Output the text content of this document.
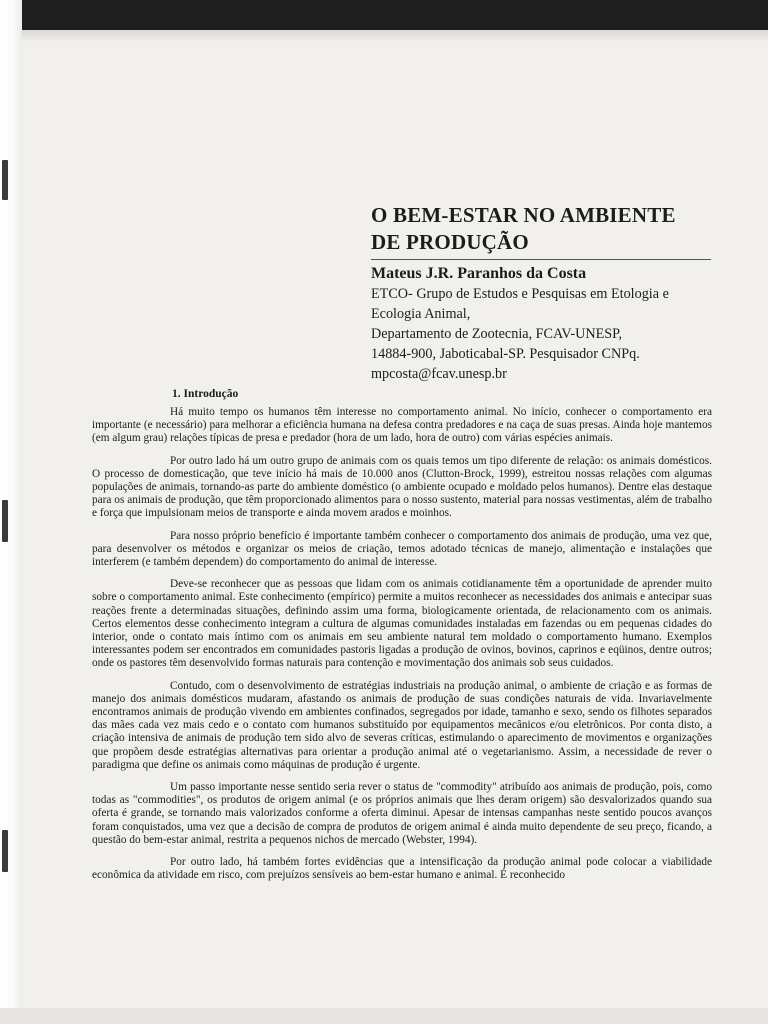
O BEM-ESTAR NO AMBIENTE
DE PRODUÇÃO
Mateus J.R. Paranhos da Costa
ETCO- Grupo de Estudos e Pesquisas em Etologia e
Ecologia Animal,
Departamento de Zootecnia, FCAV-UNESP,
14884-900, Jaboticabal-SP. Pesquisador CNPq.
mpcosta@fcav.unesp.br
1. Introdução

Há muito tempo os humanos têm interesse no comportamento animal. No início, conhecer o comportamento era importante (e necessário) para melhorar a eficiência humana na defesa contra predadores e na caça de suas presas. Ainda hoje mantemos (em algum grau) relações típicas de presa e predador (hora de um lado, hora de outro) com várias espécies animais.

Por outro lado há um outro grupo de animais com os quais temos um tipo diferente de relação: os animais domésticos. O processo de domesticação, que teve início há mais de 10.000 anos (Clutton-Brock, 1999), estreitou nossas relações com algumas populações de animais, tornando-as parte do ambiente doméstico (o ambiente ocupado e moldado pelos humanos). Dentre elas destaque para os animais de produção, que têm proporcionado alimentos para o nosso sustento, material para nossas vestimentas, além de trabalho e força que impulsionam meios de transporte e ainda movem arados e moinhos.

Para nosso próprio benefício é importante também conhecer o comportamento dos animais de produção, uma vez que, para desenvolver os métodos e organizar os meios de criação, temos adotado técnicas de manejo, alimentação e instalações que interferem (e também dependem) do comportamento do animal de interesse.

Deve-se reconhecer que as pessoas que lidam com os animais cotidianamente têm a oportunidade de aprender muito sobre o comportamento animal. Este conhecimento (empírico) permite a muitos reconhecer as necessidades dos animais e antecipar suas reações frente a determinadas situações, definindo assim uma forma, biologicamente orientada, de relacionamento com os animais. Certos elementos desse conhecimento integram a cultura de algumas comunidades instaladas em fazendas ou em pequenas cidades do interior, onde o contato mais íntimo com os animais em seu ambiente natural tem moldado o comportamento humano. Exemplos interessantes podem ser encontrados em comunidades pastoris ligadas a produção de ovinos, bovinos, caprinos e eqüinos, dentre outros; onde os pastores têm desenvolvido formas naturais para contenção e movimentação dos animais sob seus cuidados.

Contudo, com o desenvolvimento de estratégias industriais na produção animal, o ambiente de criação e as formas de manejo dos animais domésticos mudaram, afastando os animais de produção de suas condições naturais de vida. Invariavelmente encontramos animais de produção vivendo em ambientes confinados, segregados por idade, tamanho e sexo, sendo os filhotes separados das mães cada vez mais cedo e o contato com humanos substituído por equipamentos mecânicos e/ou eletrônicos. Por conta disto, a criação intensiva de animais de produção tem sido alvo de severas críticas, estimulando o aparecimento de movimentos e organizações que propõem desde estratégias alternativas para orientar a produção animal até o vegetarianismo. Assim, a necessidade de rever o paradigma que define os animais como máquinas de produção é urgente.

Um passo importante nesse sentido seria rever o status de "commodity" atribuído aos animais de produção, pois, como todas as "commodities", os produtos de origem animal (e os próprios animais que lhes deram origem) são desvalorizados quando sua oferta é grande, se tornando mais valorizados conforme a oferta diminui. Apesar de intensas campanhas neste sentido poucos avanços foram conquistados, uma vez que a decisão de compra de produtos de origem animal é ainda muito dependente de seu preço, ficando, a questão do bem-estar animal, restrita a pequenos nichos de mercado (Webster, 1994).

Por outro lado, há também fortes evidências que a intensificação da produção animal pode colocar a viabilidade econômica da atividade em risco, com prejuízos sensíveis ao bem-estar humano e animal. É reconhecido
